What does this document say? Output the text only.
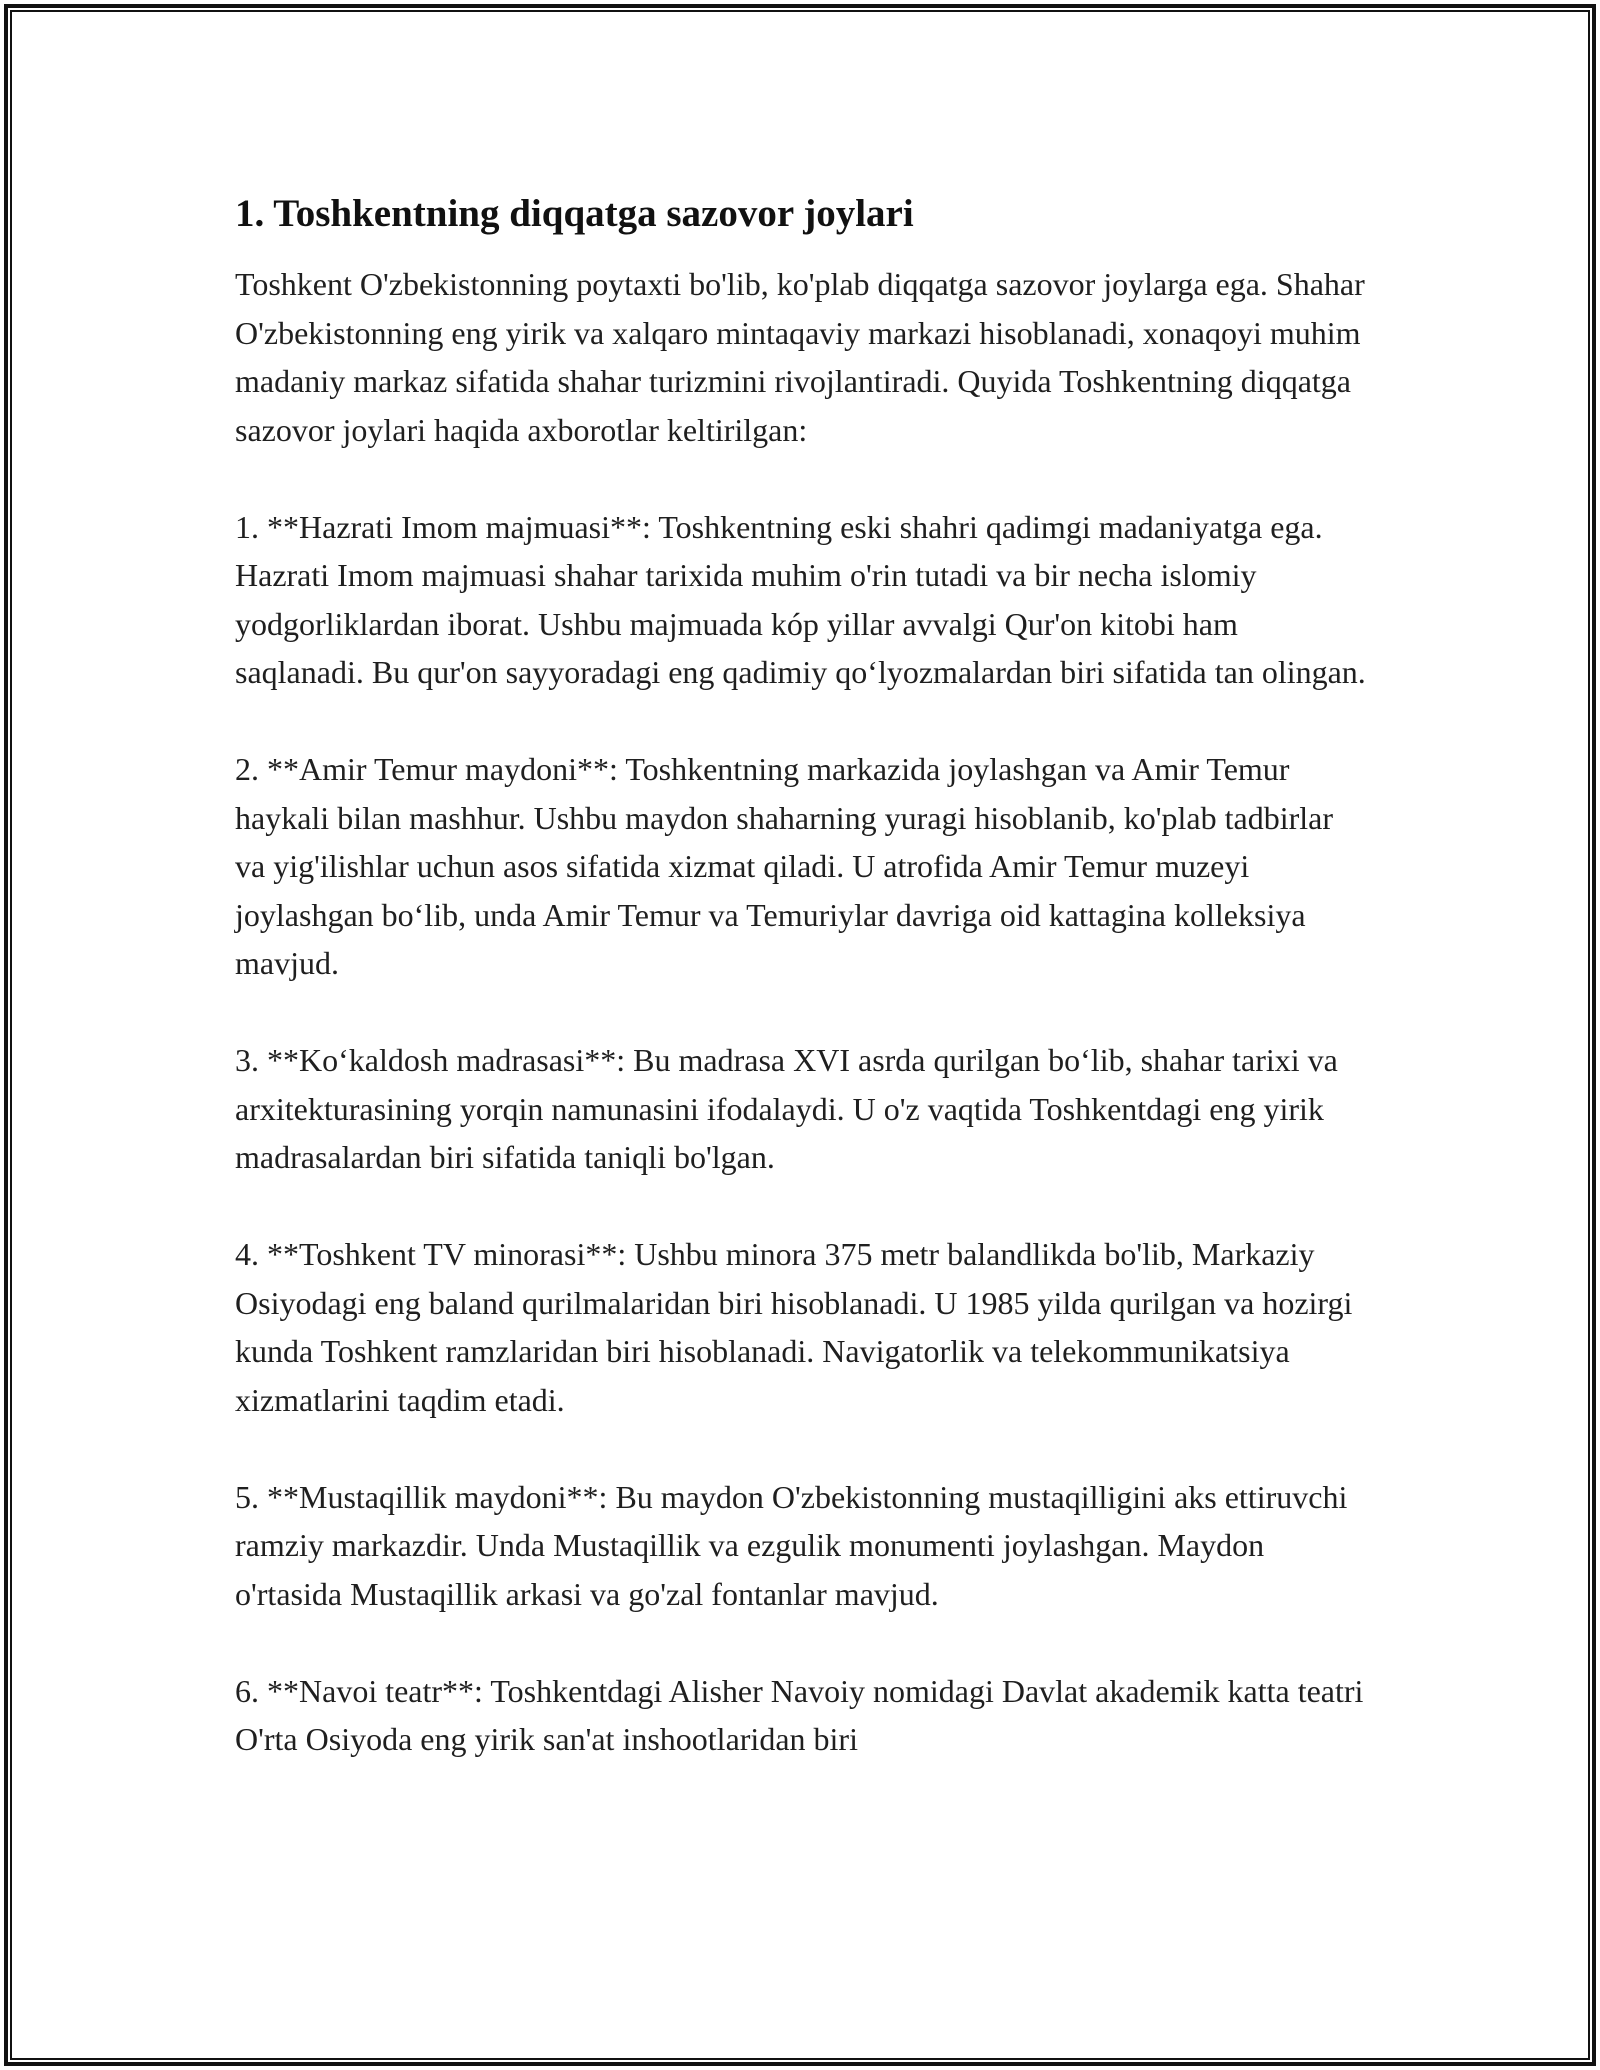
1. Toshkentning diqqatga sazovor joylari

Toshkent O'zbekistonning poytaxti bo'lib, ko'plab diqqatga sazovor joylarga ega. Shahar O'zbekistonning eng yirik va xalqaro mintaqaviy markazi hisoblanadi, xonaqoyi muhim madaniy markaz sifatida shahar turizmini rivojlantiradi. Quyida Toshkentning diqqatga sazovor joylari haqida axborotlar keltirilgan:

1. **Hazrati Imom majmuasi**: Toshkentning eski shahri qadimgi madaniyatga ega. Hazrati Imom majmuasi shahar tarixida muhim o'rin tutadi va bir necha islomiy yodgorliklardan iborat. Ushbu majmuada kóp yillar avvalgi Qur'on kitobi ham saqlanadi. Bu qur'on sayyoradagi eng qadimiy qo‘lyozmalardan biri sifatida tan olingan.

2. **Amir Temur maydoni**: Toshkentning markazida joylashgan va Amir Temur haykali bilan mashhur. Ushbu maydon shaharning yuragi hisoblanib, ko'plab tadbirlar va yig'ilishlar uchun asos sifatida xizmat qiladi. U atrofida Amir Temur muzeyi joylashgan bo‘lib, unda Amir Temur va Temuriylar davriga oid kattagina kolleksiya mavjud.

3. **Ko‘kaldosh madrasasi**: Bu madrasa XVI asrda qurilgan bo‘lib, shahar tarixi va arxitekturasining yorqin namunasini ifodalaydi. U o'z vaqtida Toshkentdagi eng yirik madrasalardan biri sifatida taniqli bo'lgan.

4. **Toshkent TV minorasi**: Ushbu minora 375 metr balandlikda bo'lib, Markaziy Osiyodagi eng baland qurilmalaridan biri hisoblanadi. U 1985 yilda qurilgan va hozirgi kunda Toshkent ramzlaridan biri hisoblanadi. Navigatorlik va telekommunikatsiya xizmatlarini taqdim etadi.

5. **Mustaqillik maydoni**: Bu maydon O'zbekistonning mustaqilligini aks ettiruvchi ramziy markazdir. Unda Mustaqillik va ezgulik monumenti joylashgan. Maydon o'rtasida Mustaqillik arkasi va go'zal fontanlar mavjud.

6. **Navoi teatr**: Toshkentdagi Alisher Navoiy nomidagi Davlat akademik katta teatri O'rta Osiyoda eng yirik san'at inshootlaridan biri
